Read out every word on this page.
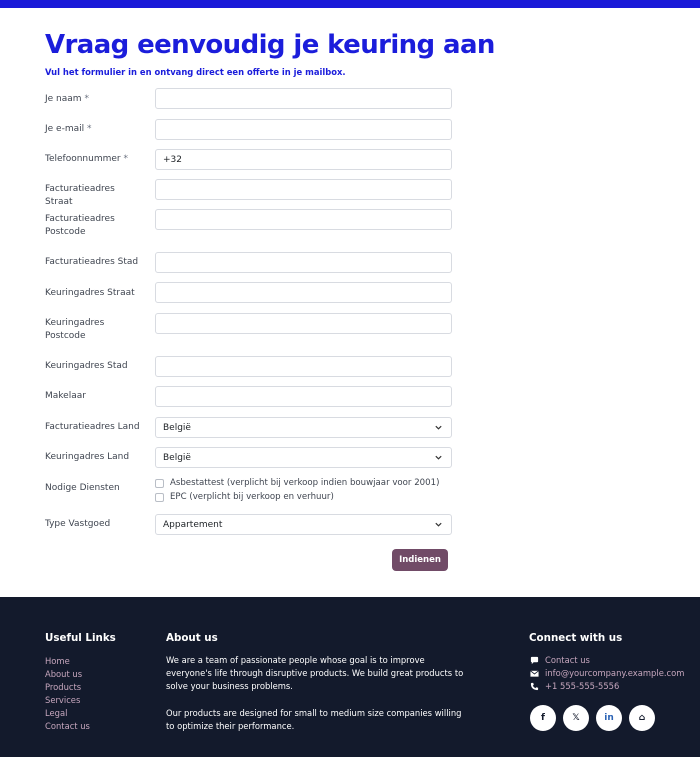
Vraag eenvoudig je keuring aan

Vul het formulier in en ontvang direct een offerte in je mailbox.

Je naam *
Je e-mail *
Telefoonnummer *	+32
Facturatieadres Straat
Facturatieadres Postcode
Facturatieadres Stad
Keuringadres Straat
Keuringadres Postcode
Keuringadres Stad
Makelaar
Facturatieadres Land	België
Keuringadres Land	België
Nodige Diensten	Asbestattest (verplicht bij verkoop indien bouwjaar voor 2001)
EPC (verplicht bij verkoop en verhuur)
Type Vastgoed	Appartement
Indienen
Useful Links
Home
About us
Products
Services
Legal
Contact us
About us

We are a team of passionate people whose goal is to improve everyone's life through disruptive products. We build great products to solve your business problems.

Our products are designed for small to medium size companies willing to optimize their performance.

Connect with us
Contact us
info@yourcompany.example.com
+1 555-555-5556
f	𝕏	in	⌂
